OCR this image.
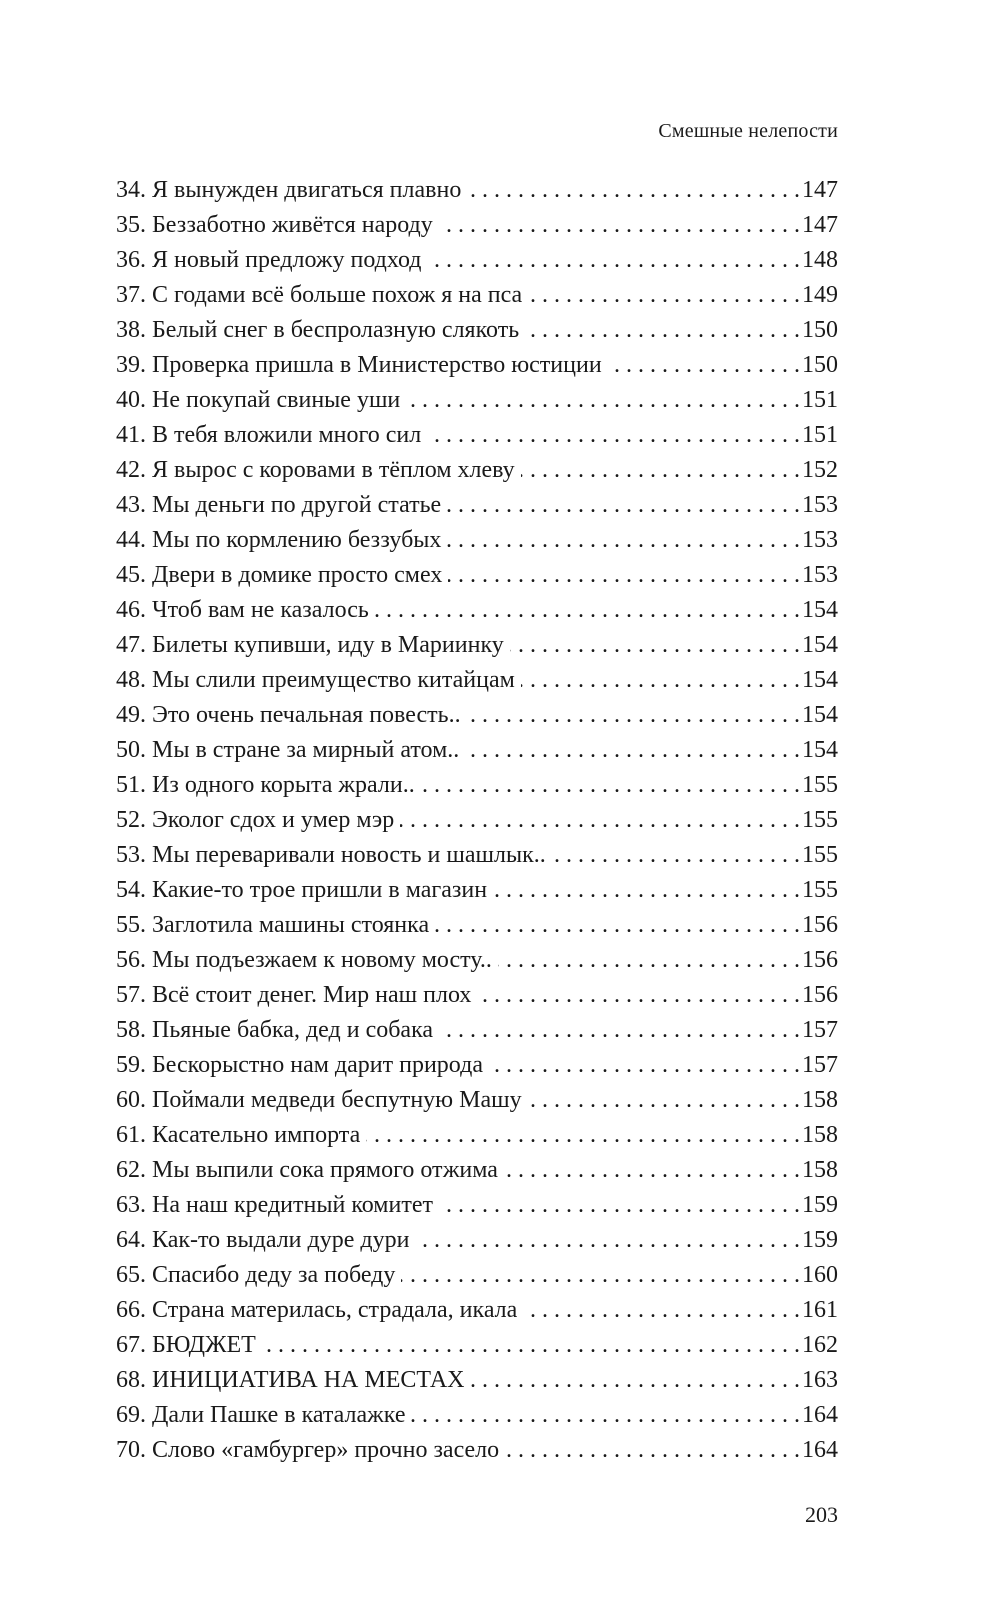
Смешные нелепости
34. Я вынужден двигаться плавно . . .	147
35. Беззаботно живётся народу . . .	147
36. Я новый предложу подход . . .	148
37. С годами всё больше похож я на пса . . .	149
38. Белый снег в беспролазную слякоть . . .	150
39. Проверка пришла в Министерство юстиции . . .	150
40. Не покупай свиные уши . . .	151
41. В тебя вложили много сил . . .	151
42. Я вырос с коровами в тёплом хлеву . . .	152
43. Мы деньги по другой статье . . .	153
44. Мы по кормлению беззубых . . .	153
45. Двери в домике просто смех . . .	153
46. Чтоб вам не казалось . . .	154
47. Билеты купивши, иду в Мариинку . . .	154
48. Мы слили преимущество китайцам . . .	154
49. Это очень печальная повесть.. . . .	154
50. Мы в стране за мирный атом.. . . .	154
51. Из одного корыта жрали.. . . .	155
52. Эколог сдох и умер мэр . . .	155
53. Мы переваривали новость и шашлык.. . . .	155
54. Какие-то трое пришли в магазин . . .	155
55. Заглотила машины стоянка . . .	156
56. Мы подъезжаем к новому мосту.. . . .	156
57. Всё стоит денег. Мир наш плох . . .	156
58. Пьяные бабка, дед и собака . . .	157
59. Бескорыстно нам дарит природа . . .	157
60. Поймали медведи беспутную Машу . . .	158
61. Касательно импорта . . .	158
62. Мы выпили сока прямого отжима . . .	158
63. На наш кредитный комитет . . .	159
64. Как-то выдали дуре дури . . .	159
65. Спасибо деду за победу . . .	160
66. Страна материлась, страдала, икала . . .	161
67. БЮДЖЕТ . . .	162
68. ИНИЦИАТИВА НА МЕСТАХ . . .	163
69. Дали Пашке в каталажке . . .	164
70. Слово «гамбургер» прочно засело . . .	164
203
